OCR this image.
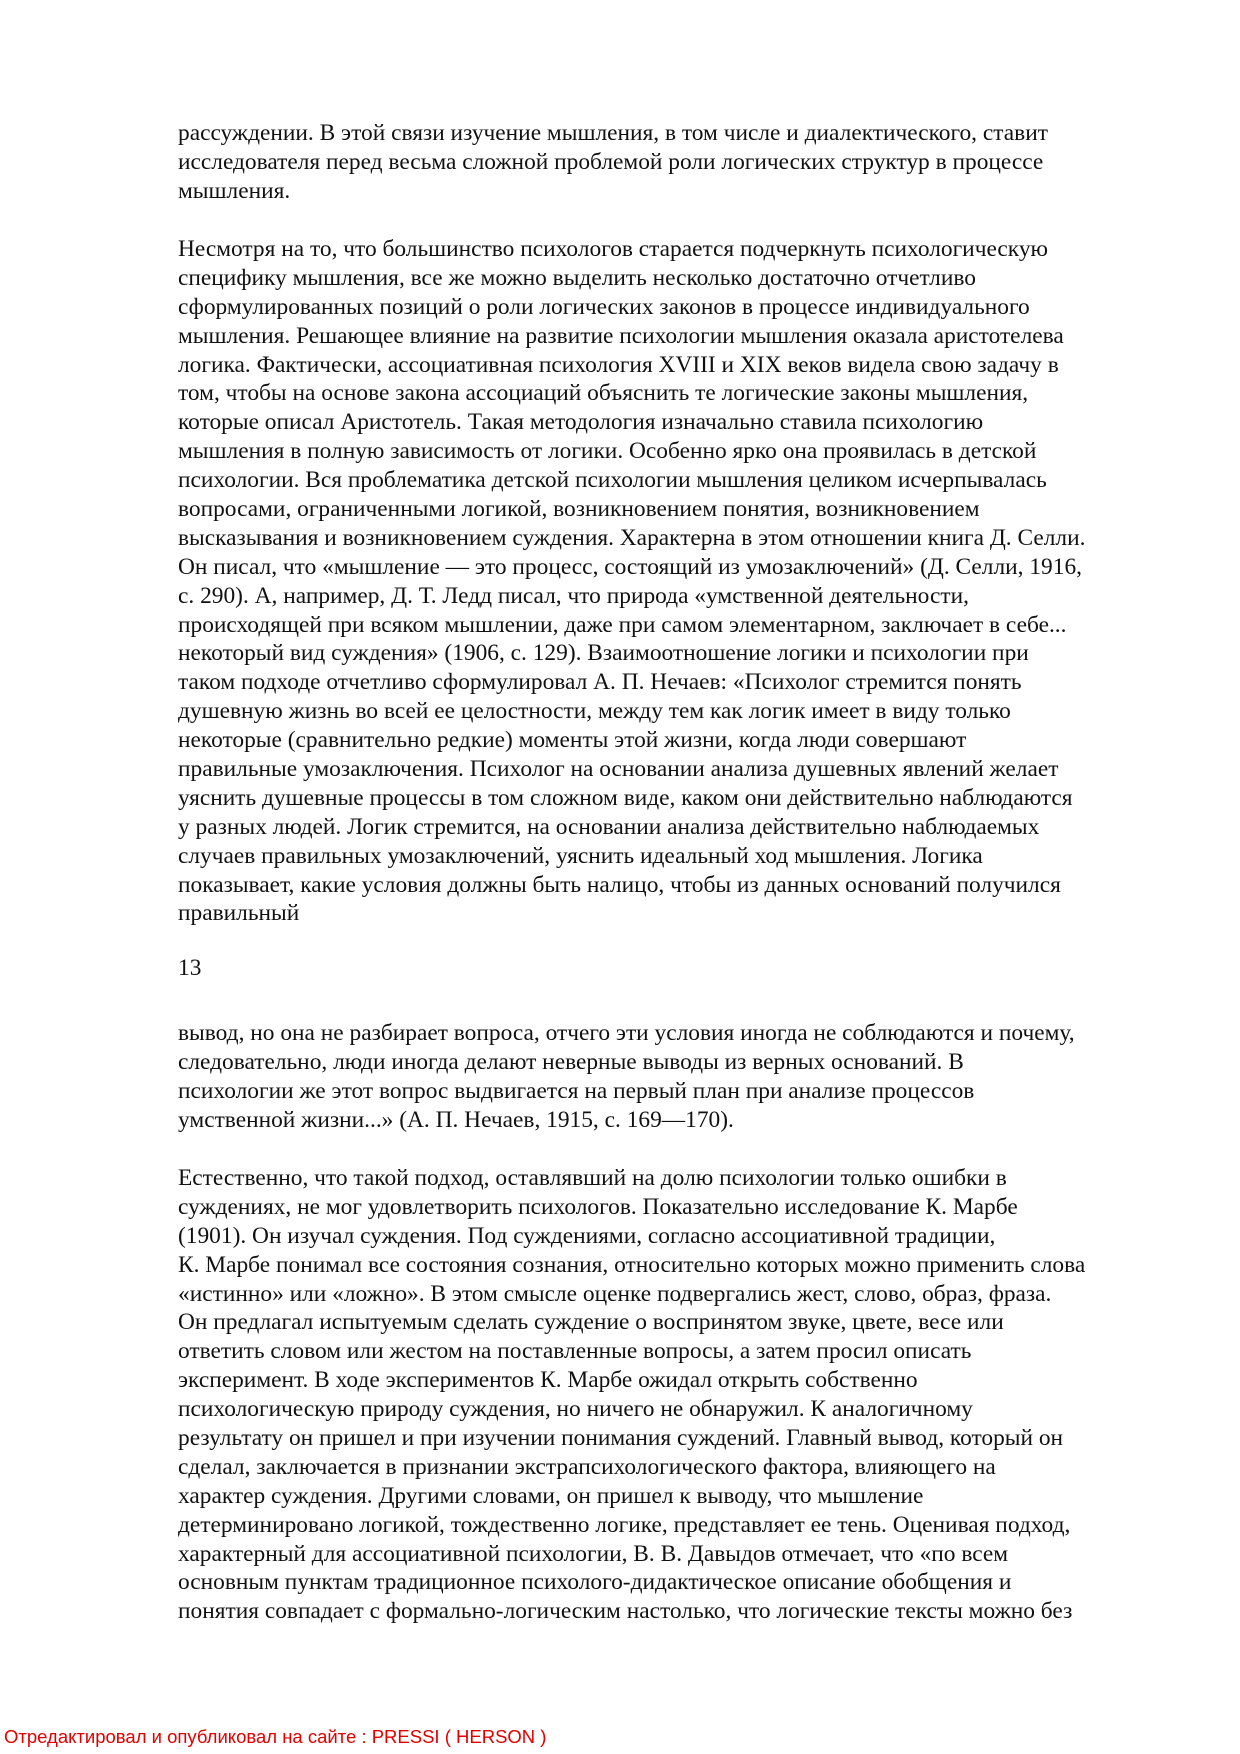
рассуждении. В этой связи изучение мышления, в том числе и диалектического, ставит
исследователя перед весьма сложной проблемой роли логических структур в процессе
мышления.
Несмотря на то, что большинство психологов старается подчеркнуть психологическую
специфику мышления, все же можно выделить несколько достаточно отчетливо
сформулированных позиций о роли логических законов в процессе индивидуального
мышления. Решающее влияние на развитие психологии мышления оказала аристотелева
логика. Фактически, ассоциативная психология XVIII и XIX веков видела свою задачу в
том, чтобы на основе закона ассоциаций объяснить те логические законы мышления,
которые описал Аристотель. Такая методология изначально ставила психологию
мышления в полную зависимость от логики. Особенно ярко она проявилась в детской
психологии. Вся проблематика детской психологии мышления целиком исчерпывалась
вопросами, ограниченными логикой, возникновением понятия, возникновением
высказывания и возникновением суждения. Характерна в этом отношении книга Д. Селли.
Он писал, что «мышление — это процесс, состоящий из умозаключений» (Д. Селли, 1916,
с. 290). А, например, Д. Т. Ледд писал, что природа «умственной деятельности,
происходящей при всяком мышлении, даже при самом элементарном, заключает в себе...
некоторый вид суждения» (1906, с. 129). Взаимоотношение логики и психологии при
таком подходе отчетливо сформулировал А. П. Нечаев: «Психолог стремится понять
душевную жизнь во всей ее целостности, между тем как логик имеет в виду только
некоторые (сравнительно редкие) моменты этой жизни, когда люди совершают
правильные умозаключения. Психолог на основании анализа душевных явлений желает
уяснить душевные процессы в том сложном виде, каком они действительно наблюдаются
у разных людей. Логик стремится, на основании анализа действительно наблюдаемых
случаев правильных умозаключений, уяснить идеальный ход мышления. Логика
показывает, какие условия должны быть налицо, чтобы из данных оснований получился
правильный
13
вывод, но она не разбирает вопроса, отчего эти условия иногда не соблюдаются и почему,
следовательно, люди иногда делают неверные выводы из верных оснований. В
психологии же этот вопрос выдвигается на первый план при анализе процессов
умственной жизни...» (А. П. Нечаев, 1915, с. 169—170).
Естественно, что такой подход, оставлявший на долю психологии только ошибки в
суждениях, не мог удовлетворить психологов. Показательно исследование К. Марбе
(1901). Он изучал суждения. Под суждениями, согласно ассоциативной традиции,
К. Марбе понимал все состояния сознания, относительно которых можно применить слова
«истинно» или «ложно». В этом смысле оценке подвергались жест, слово, образ, фраза.
Он предлагал испытуемым сделать суждение о воспринятом звуке, цвете, весе или
ответить словом или жестом на поставленные вопросы, а затем просил описать
эксперимент. В ходе экспериментов К. Марбе ожидал открыть собственно
психологическую природу суждения, но ничего не обнаружил. К аналогичному
результату он пришел и при изучении понимания суждений. Главный вывод, который он
сделал, заключается в признании экстрапсихологического фактора, влияющего на
характер суждения. Другими словами, он пришел к выводу, что мышление
детерминировано логикой, тождественно логике, представляет ее тень. Оценивая подход,
характерный для ассоциативной психологии, В. В. Давыдов отмечает, что «по всем
основным пунктам традиционное психолого-дидактическое описание обобщения и
понятия совпадает с формально-логическим настолько, что логические тексты можно без
Отредактировал и опубликовал на сайте : PRESSI ( HERSON )
